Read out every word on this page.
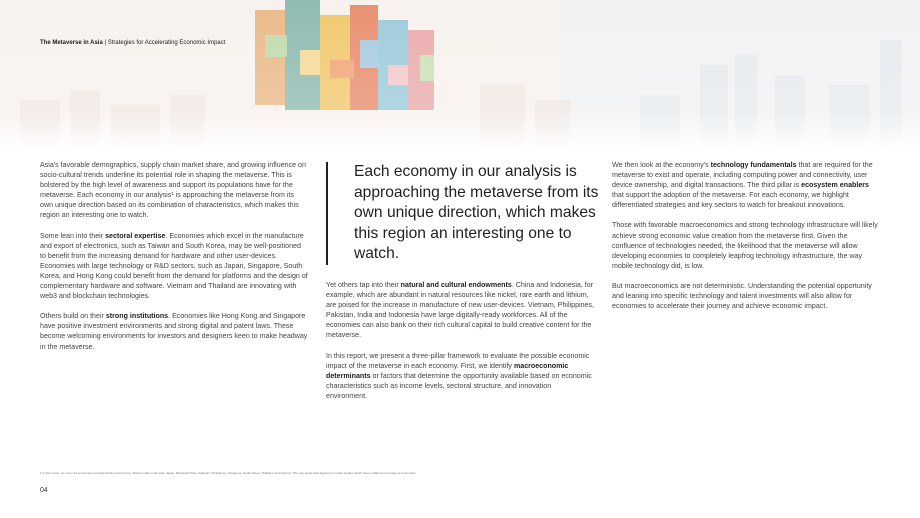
The Metaverse in Asia | Strategies for Accelerating Economic Impact

Asia's favorable demographics, supply chain market share, and growing influence on socio-cultural trends underline its potential role in shaping the metaverse. This is bolstered by the high level of awareness and support its populations have for the metaverse. Each economy in our analysis¹ is approaching the metaverse from its own unique direction based on its combination of characteristics, which makes this region an interesting one to watch.

Some lean into their sectoral expertise. Economies which excel in the manufacture and export of electronics, such as Taiwan and South Korea, may be well-positioned to benefit from the increasing demand for hardware and other user-devices. Economies with large technology or R&D sectors, such as Japan, Singapore, South Korea, and Hong Kong could benefit from the demand for platforms and the design of complementary hardware and software. Vietnam and Thailand are innovating with web3 and blockchain technologies.

Others build on their strong institutions. Economies like Hong Kong and Singapore have positive investment environments and strong digital and patent laws. These become welcoming environments for investors and designers keen to make headway in the metaverse.

Each economy in our analysis is approaching the metaverse from its own unique direction, which makes this region an interesting one to watch.

Yet others tap into their natural and cultural endowments. China and Indonesia, for example, which are abundant in natural resources like nickel, rare earth and lithium, are poised for the increase in manufacture of new user-devices. Vietnam, Philippines, Pakistan, India and Indonesia have large digitally-ready workforces. All of the economies can also bank on their rich cultural capital to build creative content for the metaverse.

In this report, we present a three-pillar framework to evaluate the possible economic impact of the metaverse in each economy. First, we identify macroeconomic determinants or factors that determine the opportunity available based on economic characteristics such as income levels, sectoral structure, and innovation environment.

We then look at the economy's technology fundamentals that are required for the metaverse to exist and operate, including computing power and connectivity, user device ownership, and digital transactions. The third pillar is ecosystem enablers that support the adoption of the metaverse. For each economy, we highlight differentiated strategies and key sectors to watch for breakout innovations.

Those with favorable macroeconomics and strong technology infrastructure will likely achieve strong economic value creation from the metaverse first. Given the confluence of technologies needed, the likelihood that the metaverse will allow developing economies to completely leapfrog technology infrastructure, the way mobile technology did, is low.

But macroeconomics are not deterministic. Understanding the potential opportunity and leaning into specific technology and talent investments will also allow for economies to accelerate their journey and achieve economic impact.

1 In this report, we cover 12 economies in Asia including Hong Kong, Taiwan, India, Indonesia, Japan, Mainland China, Pakistan, Philippines, Singapore, South Korea, Thailand, and Vietnam. We may quote Asia figures from other studies which have a different coverage of economies.
04
